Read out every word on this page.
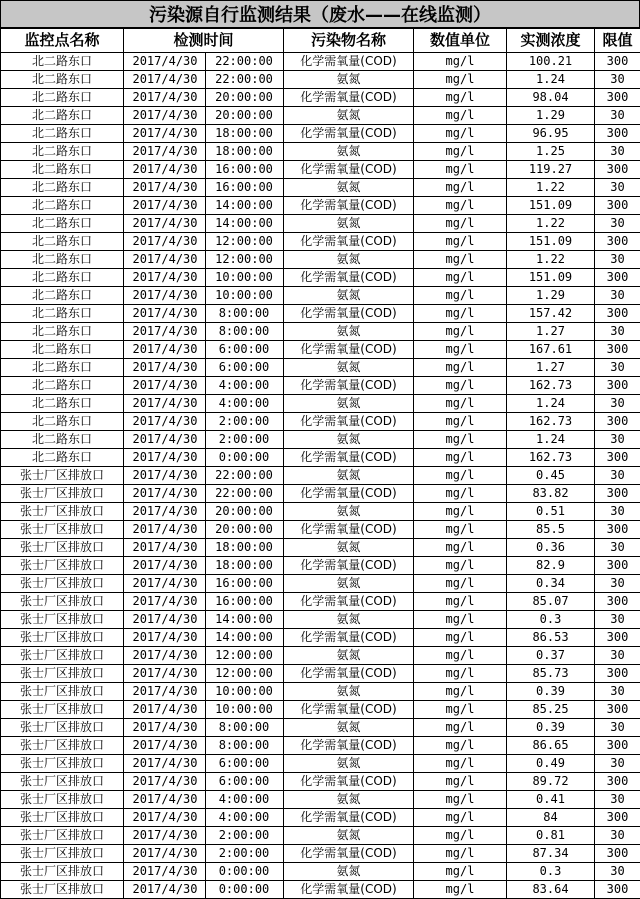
污染源自行监测结果（废水——在线监测）
监控点名称	检测时间	污染物名称	数值单位	实测浓度	限值
北二路东口	2017/4/30 22:00:00	化学需氧量(COD)	mg/l	100.21	300
北二路东口	2017/4/30 22:00:00	氨氮	mg/l	1.24	30
北二路东口	2017/4/30 20:00:00	化学需氧量(COD)	mg/l	98.04	300
北二路东口	2017/4/30 20:00:00	氨氮	mg/l	1.29	30
北二路东口	2017/4/30 18:00:00	化学需氧量(COD)	mg/l	96.95	300
北二路东口	2017/4/30 18:00:00	氨氮	mg/l	1.25	30
北二路东口	2017/4/30 16:00:00	化学需氧量(COD)	mg/l	119.27	300
北二路东口	2017/4/30 16:00:00	氨氮	mg/l	1.22	30
北二路东口	2017/4/30 14:00:00	化学需氧量(COD)	mg/l	151.09	300
北二路东口	2017/4/30 14:00:00	氨氮	mg/l	1.22	30
北二路东口	2017/4/30 12:00:00	化学需氧量(COD)	mg/l	151.09	300
北二路东口	2017/4/30 12:00:00	氨氮	mg/l	1.22	30
北二路东口	2017/4/30 10:00:00	化学需氧量(COD)	mg/l	151.09	300
北二路东口	2017/4/30 10:00:00	氨氮	mg/l	1.29	30
北二路东口	2017/4/30 8:00:00	化学需氧量(COD)	mg/l	157.42	300
北二路东口	2017/4/30 8:00:00	氨氮	mg/l	1.27	30
北二路东口	2017/4/30 6:00:00	化学需氧量(COD)	mg/l	167.61	300
北二路东口	2017/4/30 6:00:00	氨氮	mg/l	1.27	30
北二路东口	2017/4/30 4:00:00	化学需氧量(COD)	mg/l	162.73	300
北二路东口	2017/4/30 4:00:00	氨氮	mg/l	1.24	30
北二路东口	2017/4/30 2:00:00	化学需氧量(COD)	mg/l	162.73	300
北二路东口	2017/4/30 2:00:00	氨氮	mg/l	1.24	30
北二路东口	2017/4/30 0:00:00	化学需氧量(COD)	mg/l	162.73	300
张士厂区排放口	2017/4/30 22:00:00	氨氮	mg/l	0.45	30
张士厂区排放口	2017/4/30 22:00:00	化学需氧量(COD)	mg/l	83.82	300
张士厂区排放口	2017/4/30 20:00:00	氨氮	mg/l	0.51	30
张士厂区排放口	2017/4/30 20:00:00	化学需氧量(COD)	mg/l	85.5	300
张士厂区排放口	2017/4/30 18:00:00	氨氮	mg/l	0.36	30
张士厂区排放口	2017/4/30 18:00:00	化学需氧量(COD)	mg/l	82.9	300
张士厂区排放口	2017/4/30 16:00:00	氨氮	mg/l	0.34	30
张士厂区排放口	2017/4/30 16:00:00	化学需氧量(COD)	mg/l	85.07	300
张士厂区排放口	2017/4/30 14:00:00	氨氮	mg/l	0.3	30
张士厂区排放口	2017/4/30 14:00:00	化学需氧量(COD)	mg/l	86.53	300
张士厂区排放口	2017/4/30 12:00:00	氨氮	mg/l	0.37	30
张士厂区排放口	2017/4/30 12:00:00	化学需氧量(COD)	mg/l	85.73	300
张士厂区排放口	2017/4/30 10:00:00	氨氮	mg/l	0.39	30
张士厂区排放口	2017/4/30 10:00:00	化学需氧量(COD)	mg/l	85.25	300
张士厂区排放口	2017/4/30 8:00:00	氨氮	mg/l	0.39	30
张士厂区排放口	2017/4/30 8:00:00	化学需氧量(COD)	mg/l	86.65	300
张士厂区排放口	2017/4/30 6:00:00	氨氮	mg/l	0.49	30
张士厂区排放口	2017/4/30 6:00:00	化学需氧量(COD)	mg/l	89.72	300
张士厂区排放口	2017/4/30 4:00:00	氨氮	mg/l	0.41	30
张士厂区排放口	2017/4/30 4:00:00	化学需氧量(COD)	mg/l	84	300
张士厂区排放口	2017/4/30 2:00:00	氨氮	mg/l	0.81	30
张士厂区排放口	2017/4/30 2:00:00	化学需氧量(COD)	mg/l	87.34	300
张士厂区排放口	2017/4/30 0:00:00	氨氮	mg/l	0.3	30
张士厂区排放口	2017/4/30 0:00:00	化学需氧量(COD)	mg/l	83.64	300
